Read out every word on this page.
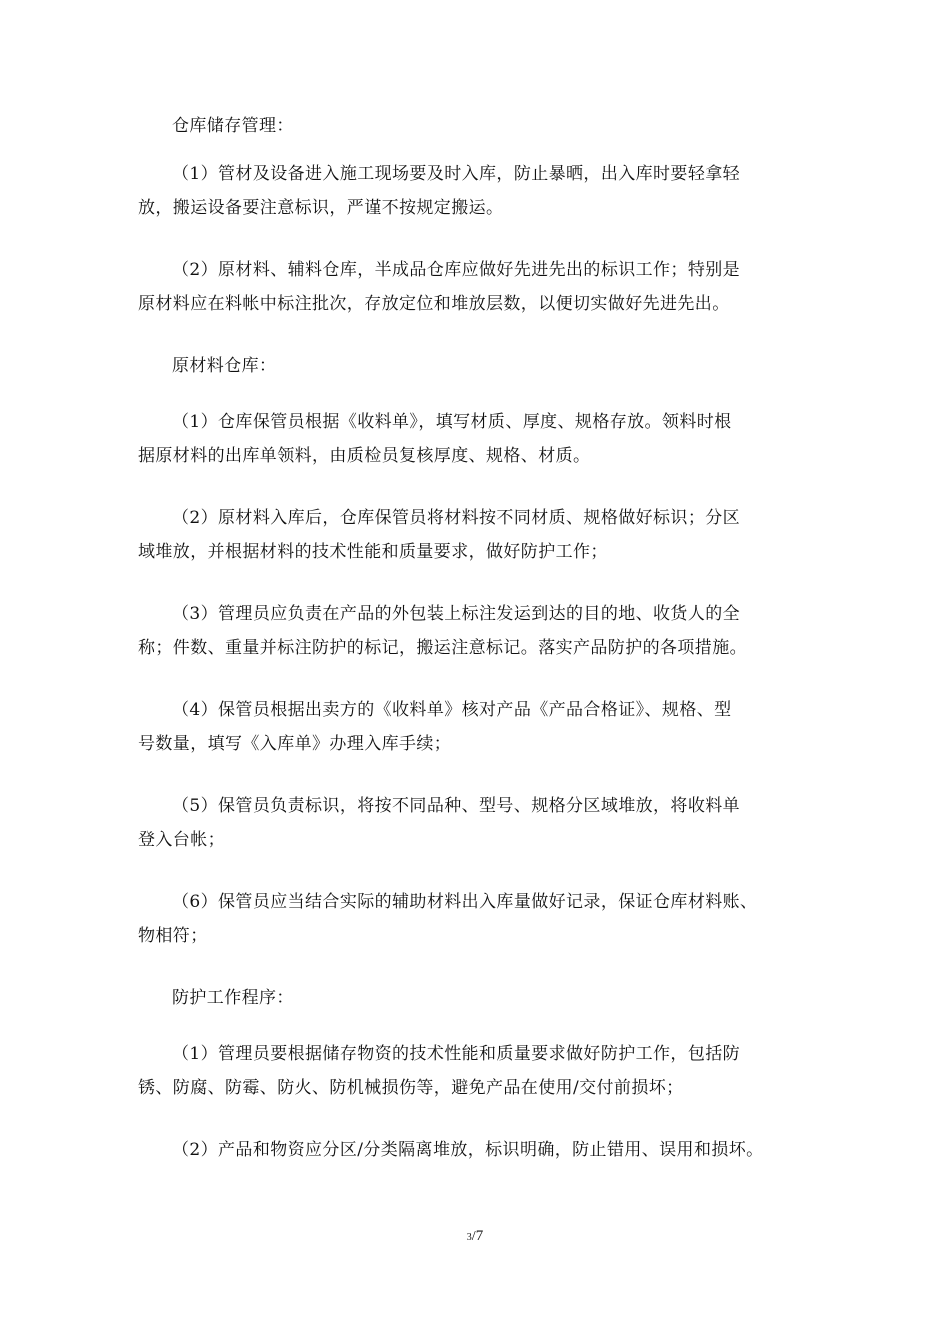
仓库储存管理：

（1）管材及设备进入施工现场要及时入库，防止暴晒，出入库时要轻拿轻
放，搬运设备要注意标识，严谨不按规定搬运。

（2）原材料、辅料仓库，半成品仓库应做好先进先出的标识工作；特别是
原材料应在料帐中标注批次，存放定位和堆放层数，以便切实做好先进先出。

原材料仓库：

（1）仓库保管员根据《收料单》，填写材质、厚度、规格存放。领料时根
据原材料的出库单领料，由质检员复核厚度、规格、材质。

（2）原材料入库后，仓库保管员将材料按不同材质、规格做好标识；分区
域堆放，并根据材料的技术性能和质量要求，做好防护工作；

（3）管理员应负责在产品的外包装上标注发运到达的目的地、收货人的全
称；件数、重量并标注防护的标记，搬运注意标记。落实产品防护的各项措施。

（4）保管员根据出卖方的《收料单》核对产品《产品合格证》、规格、型
号数量，填写《入库单》办理入库手续；

（5）保管员负责标识，将按不同品种、型号、规格分区域堆放，将收料单
登入台帐；

（6）保管员应当结合实际的辅助材料出入库量做好记录，保证仓库材料账、
物相符；

防护工作程序：

（1）管理员要根据储存物资的技术性能和质量要求做好防护工作，包括防
锈、防腐、防霉、防火、防机械损伤等，避免产品在使用/交付前损坏；

（2）产品和物资应分区/分类隔离堆放，标识明确，防止错用、误用和损坏。

3/7
